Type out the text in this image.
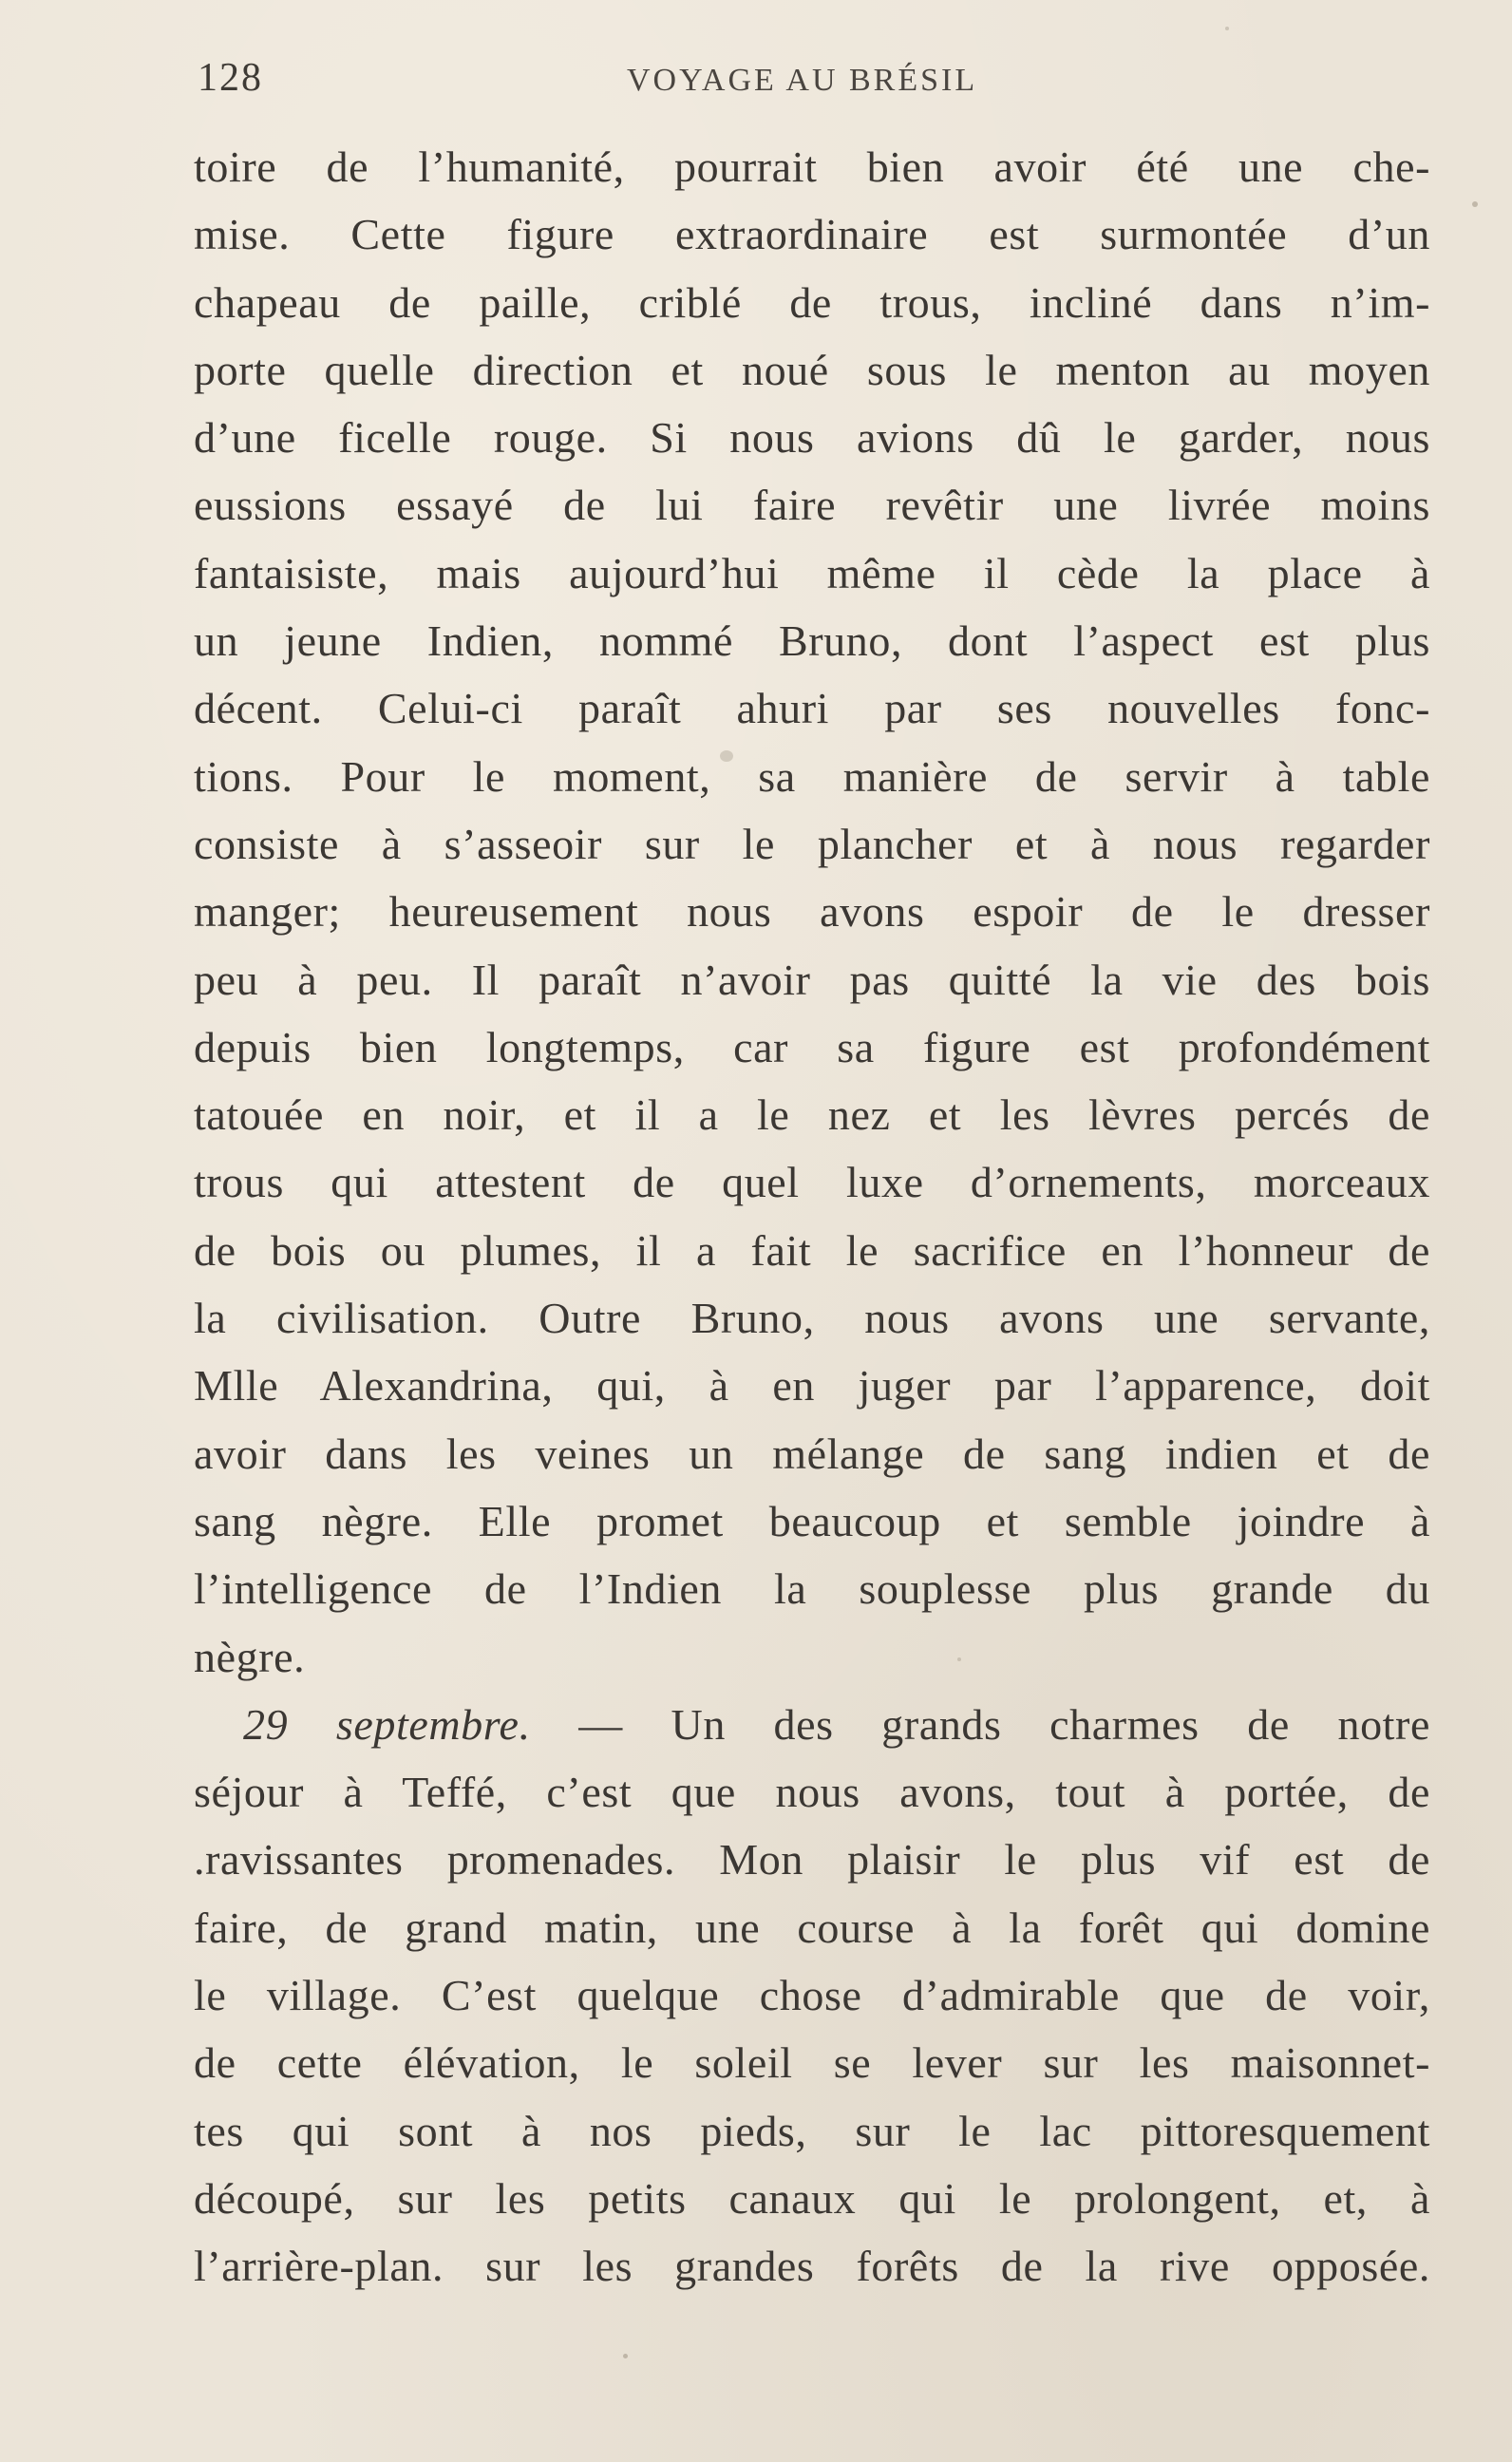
128	VOYAGE AU BRÉSIL
toire de l’humanité, pourrait bien avoir été une che-
mise. Cette figure extraordinaire est surmontée d’un
chapeau de paille, criblé de trous, incliné dans n’im-
porte quelle direction et noué sous le menton au moyen
d’une ficelle rouge. Si nous avions dû le garder, nous
eussions essayé de lui faire revêtir une livrée moins
fantaisiste, mais aujourd’hui même il cède la place à
un jeune Indien, nommé Bruno, dont l’aspect est plus
décent. Celui-ci paraît ahuri par ses nouvelles fonc-
tions. Pour le moment, sa manière de servir à table
consiste à s’asseoir sur le plancher et à nous regarder
manger; heureusement nous avons espoir de le dresser
peu à peu. Il paraît n’avoir pas quitté la vie des bois
depuis bien longtemps, car sa figure est profondément
tatouée en noir, et il a le nez et les lèvres percés de
trous qui attestent de quel luxe d’ornements, morceaux
de bois ou plumes, il a fait le sacrifice en l’honneur de
la civilisation. Outre Bruno, nous avons une servante,
Mlle Alexandrina, qui, à en juger par l’apparence, doit
avoir dans les veines un mélange de sang indien et de
sang nègre. Elle promet beaucoup et semble joindre à
l’intelligence de l’Indien la souplesse plus grande du
nègre.
29 septembre. — Un des grands charmes de notre
séjour à Teffé, c’est que nous avons, tout à portée, de
.ravissantes promenades. Mon plaisir le plus vif est de
faire, de grand matin, une course à la forêt qui domine
le village. C’est quelque chose d’admirable que de voir,
de cette élévation, le soleil se lever sur les maisonnet-
tes qui sont à nos pieds, sur le lac pittoresquement
découpé, sur les petits canaux qui le prolongent, et, à
l’arrière-plan. sur les grandes forêts de la rive opposée.
